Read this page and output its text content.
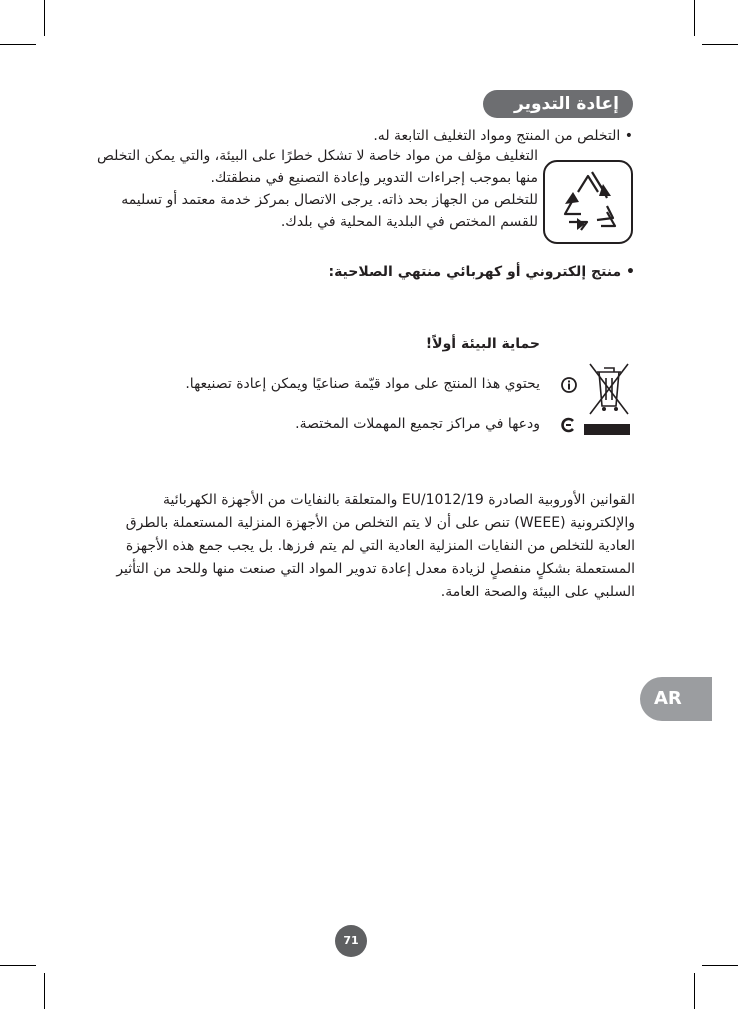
إعادة التدوير
• التخلص من المنتج ومواد التغليف التابعة له.
التغليف مؤلف من مواد خاصة لا تشكل خطرًا على البيئة، والتي يمكن التخلص
منها بموجب إجراءات التدوير وإعادة التصنيع في منطقتك.
للتخلص من الجهاز بحد ذاته. يرجى الاتصال بمركز خدمة معتمد أو تسليمه
للقسم المختص في البلدية المحلية في بلدك.
• منتج إلكتروني أو كهربائي منتهي الصلاحية:
حماية البيئة أولاً!
يحتوي هذا المنتج على مواد قيّمة صناعيًا ويمكن إعادة تصنيعها.
ودعها في مراكز تجميع المهملات المختصة.
القوانين الأوروبية الصادرة EU/1012/19 والمتعلقة بالنفايات من الأجهزة الكهربائية
والإلكترونية (WEEE) تنص على أن لا يتم التخلص من الأجهزة المنزلية المستعملة بالطرق
العادية للتخلص من النفايات المنزلية العادية التي لم يتم فرزها. بل يجب جمع هذه الأجهزة
المستعملة بشكلٍ منفصلٍ لزيادة معدل إعادة تدوير المواد التي صنعت منها وللحد من التأثير
السلبي على البيئة والصحة العامة.
AR
71
